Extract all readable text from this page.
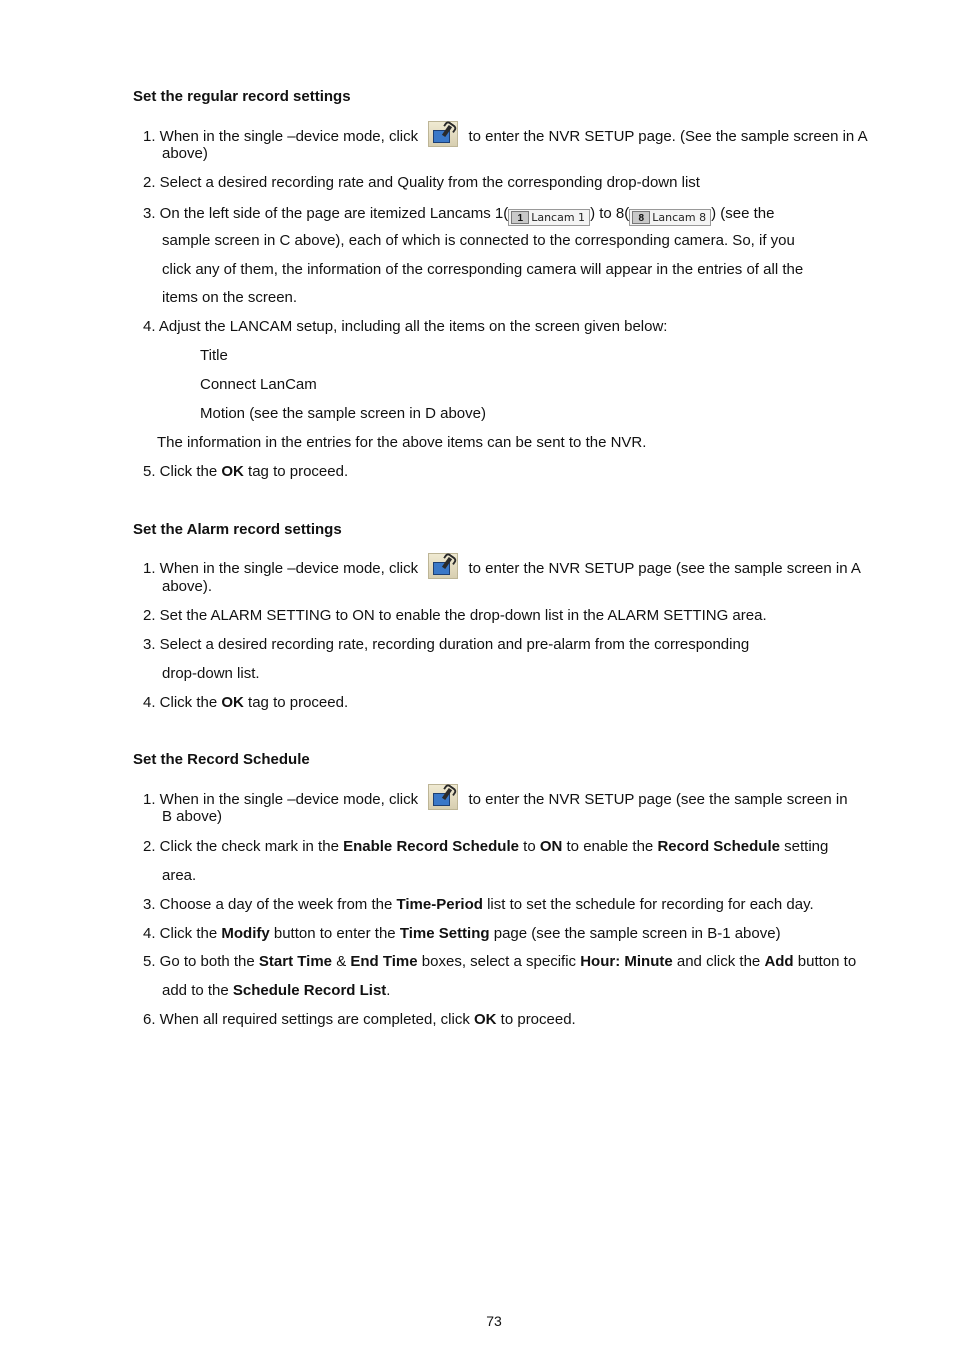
Set the regular record settings
1. When in the single –device mode, click	to enter the NVR SETUP page. (See the sample screen in A
above)
2. Select a desired recording rate and Quality from the corresponding drop-down list
3. On the left side of the page are itemized Lancams 1( 1 Lancam 1 ) to 8( 8 Lancam 8 ) (see the
sample screen in C above), each of which is connected to the corresponding camera. So, if you
click any of them, the information of the corresponding camera will appear in the entries of all the
items on the screen.
4. Adjust the LANCAM setup, including all the items on the screen given below:
Title
Connect LanCam
Motion (see the sample screen in D above)
The information in the entries for the above items can be sent to the NVR.
5. Click the OK tag to proceed.
Set the Alarm record settings
1. When in the single –device mode, click	to enter the NVR SETUP page (see the sample screen in A
above).
2. Set the ALARM SETTING to ON to enable the drop-down list in the ALARM SETTING area.
3. Select a desired recording rate, recording duration and pre-alarm from the corresponding
drop-down list.
4. Click the OK tag to proceed.
Set the Record Schedule
1. When in the single –device mode, click	to enter the NVR SETUP page (see the sample screen in
B above)
2. Click the check mark in the Enable Record Schedule to ON to enable the Record Schedule setting
area.
3. Choose a day of the week from the Time-Period list to set the schedule for recording for each day.
4. Click the Modify button to enter the Time Setting page (see the sample screen in B-1 above)
5. Go to both the Start Time & End Time boxes, select a specific Hour: Minute and click the Add button to
add to the Schedule Record List.
6. When all required settings are completed, click OK to proceed.
73
